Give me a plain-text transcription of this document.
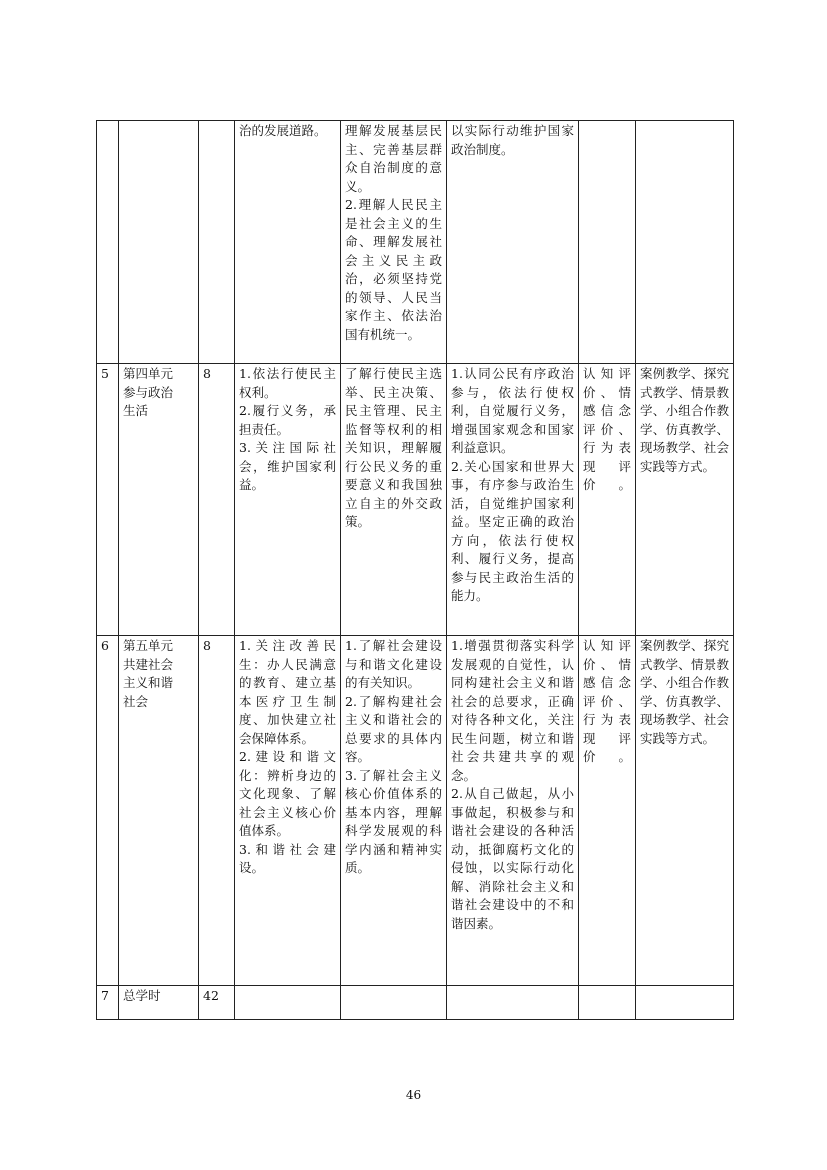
			治的发展道路。	理解发展基层民主、完善基层群众自治制度的意义。
2.理解人民民主是社会主义的生命、理解发展社会主义民主政治，必须坚持党的领导、人民当家作主、依法治国有机统一。	以实际行动维护国家政治制度。		

5	第四单元
参与政治
生活	8	1.依法行使民主权利。
2.履行义务，承担责任。
3.关注国际社会，维护国家利益。	了解行使民主选举、民主决策、民主管理、民主监督等权利的相关知识，理解履行公民义务的重要意义和我国独立自主的外交政策。	1.认同公民有序政治参与，依法行使权利，自觉履行义务，增强国家观念和国家利益意识。
2.关心国家和世界大事，有序参与政治生活，自觉维护国家利益。坚定正确的政治方向，依法行使权利、履行义务，提高参与民主政治生活的能力。	认知评价、情感信念评价、行为表现评价。	案例教学、探究式教学、情景教学、小组合作教学、仿真教学、现场教学、社会实践等方式。
6	第五单元
共建社会
主义和谐
社会	8	1.关注改善民生：办人民满意的教育、建立基本医疗卫生制度、加快建立社会保障体系。
2.建设和谐文化：辨析身边的文化现象、了解社会主义核心价值体系。
3.和谐社会建设。	1.了解社会建设与和谐文化建设的有关知识。
2.了解构建社会主义和谐社会的总要求的具体内容。
3.了解社会主义核心价值体系的基本内容，理解科学发展观的科学内涵和精神实质。	1.增强贯彻落实科学发展观的自觉性，认同构建社会主义和谐社会的总要求，正确对待各种文化，关注民生问题，树立和谐社会共建共享的观念。
2.从自己做起，从小事做起，积极参与和谐社会建设的各种活动，抵御腐朽文化的侵蚀，以实际行动化解、消除社会主义和谐社会建设中的不和谐因素。	认知评价、情感信念评价、行为表现评价。	案例教学、探究式教学、情景教学、小组合作教学、仿真教学、现场教学、社会实践等方式。
7	总学时	42					
46
